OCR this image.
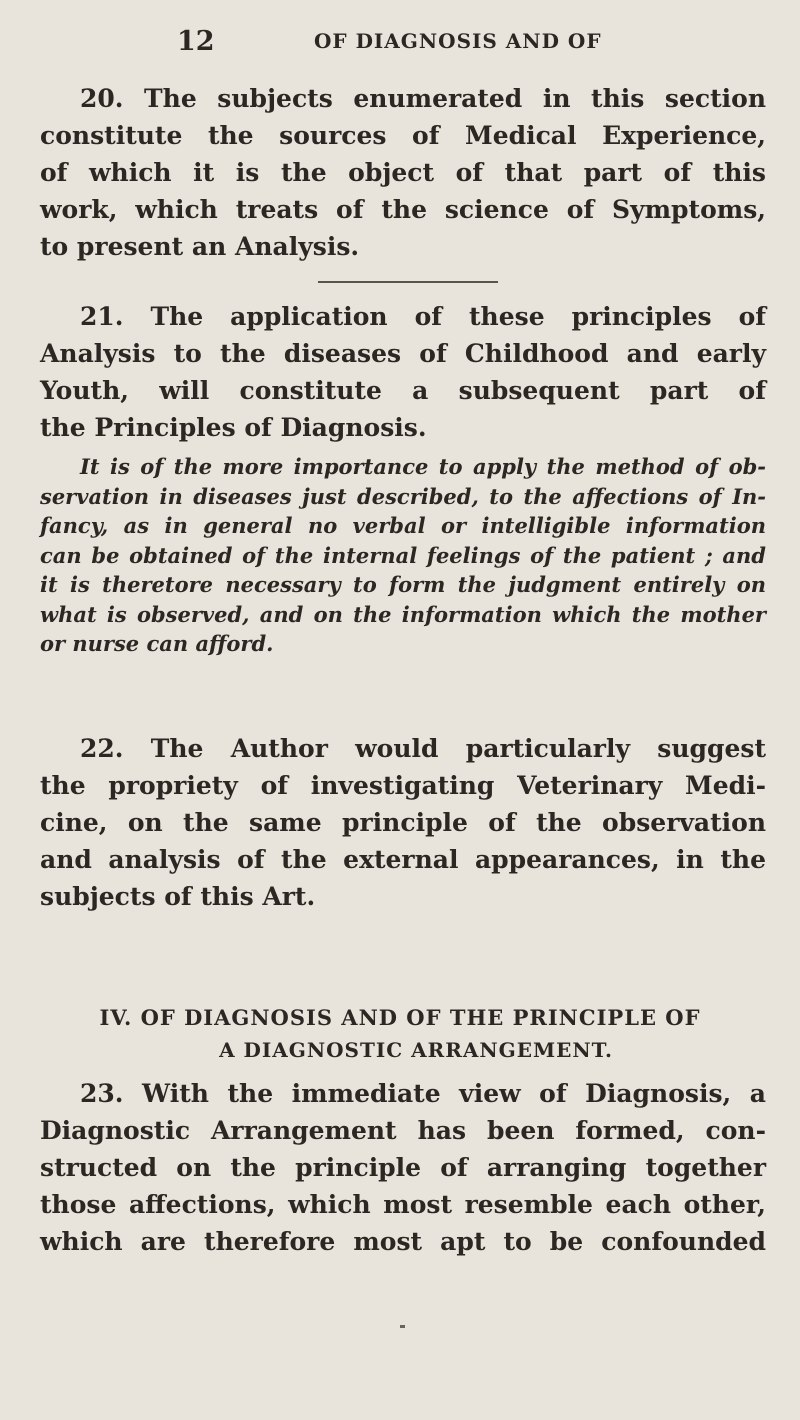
12	OF DIAGNOSIS AND OF

20. The subjects enumerated in this section
constitute the sources of Medical Experience,
of which it is the object of that part of this
work, which treats of the science of Symptoms,
to present an Analysis.

21. The application of these principles of
Analysis to the diseases of Childhood and early
Youth, will constitute a subsequent part of
the Principles of Diagnosis.

It is of the more importance to apply the method of ob-
servation in diseases just described, to the affections of In-
fancy, as in general no verbal or intelligible information
can be obtained of the internal feelings of the patient ; and
it is theretore necessary to form the judgment entirely on
what is observed, and on the information which the mother
or nurse can afford.

22. The Author would particularly suggest
the propriety of investigating Veterinary Medi-
cine, on the same principle of the observation
and analysis of the external appearances, in the
subjects of this Art.

IV. OF DIAGNOSIS AND OF THE PRINCIPLE OF

A DIAGNOSTIC ARRANGEMENT.

23. With the immediate view of Diagnosis, a
Diagnostic Arrangement has been formed, con-
structed on the principle of arranging together
those affections, which most resemble each other,
which are therefore most apt to be confounded
